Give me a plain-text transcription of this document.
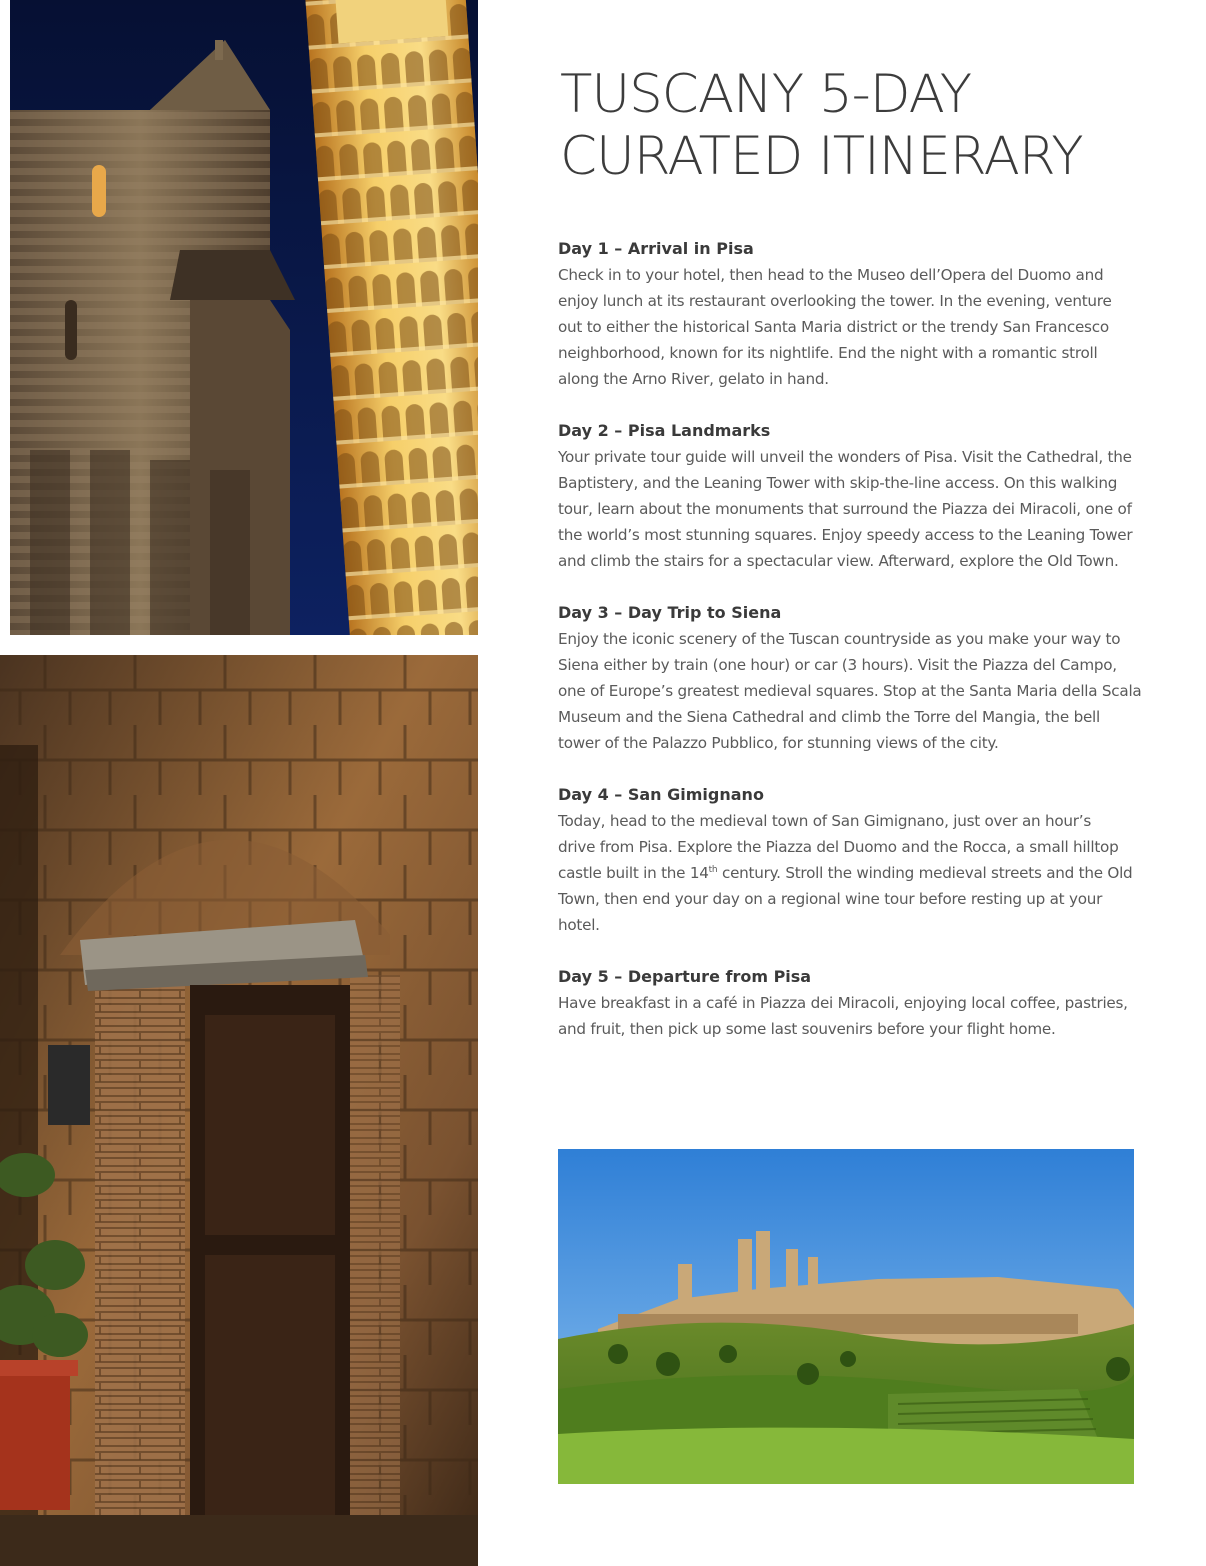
TUSCANY 5-DAY
CURATED ITINERARY
Day 1 – Arrival in Pisa

Check in to your hotel, then head to the Museo dell’Opera del Duomo and
enjoy lunch at its restaurant overlooking the tower. In the evening, venture
out to either the historical Santa Maria district or the trendy San Francesco
neighborhood, known for its nightlife. End the night with a romantic stroll
along the Arno River, gelato in hand.

Day 2 – Pisa Landmarks

Your private tour guide will unveil the wonders of Pisa. Visit the Cathedral, the
Baptistery, and the Leaning Tower with skip-the-line access. On this walking
tour, learn about the monuments that surround the Piazza dei Miracoli, one of
the world’s most stunning squares. Enjoy speedy access to the Leaning Tower
and climb the stairs for a spectacular view. Afterward, explore the Old Town.

Day 3 – Day Trip to Siena

Enjoy the iconic scenery of the Tuscan countryside as you make your way to
Siena either by train (one hour) or car (3 hours). Visit the Piazza del Campo,
one of Europe’s greatest medieval squares. Stop at the Santa Maria della Scala
Museum and the Siena Cathedral and climb the Torre del Mangia, the bell
tower of the Palazzo Pubblico, for stunning views of the city.

Day 4 – San Gimignano

Today, head to the medieval town of San Gimignano, just over an hour’s
drive from Pisa. Explore the Piazza del Duomo and the Rocca, a small hilltop
castle built in the 14th century. Stroll the winding medieval streets and the Old
Town, then end your day on a regional wine tour before resting up at your
hotel.

Day 5 – Departure from Pisa

Have breakfast in a café in Piazza dei Miracoli, enjoying local coffee, pastries,
and fruit, then pick up some last souvenirs before your flight home.
